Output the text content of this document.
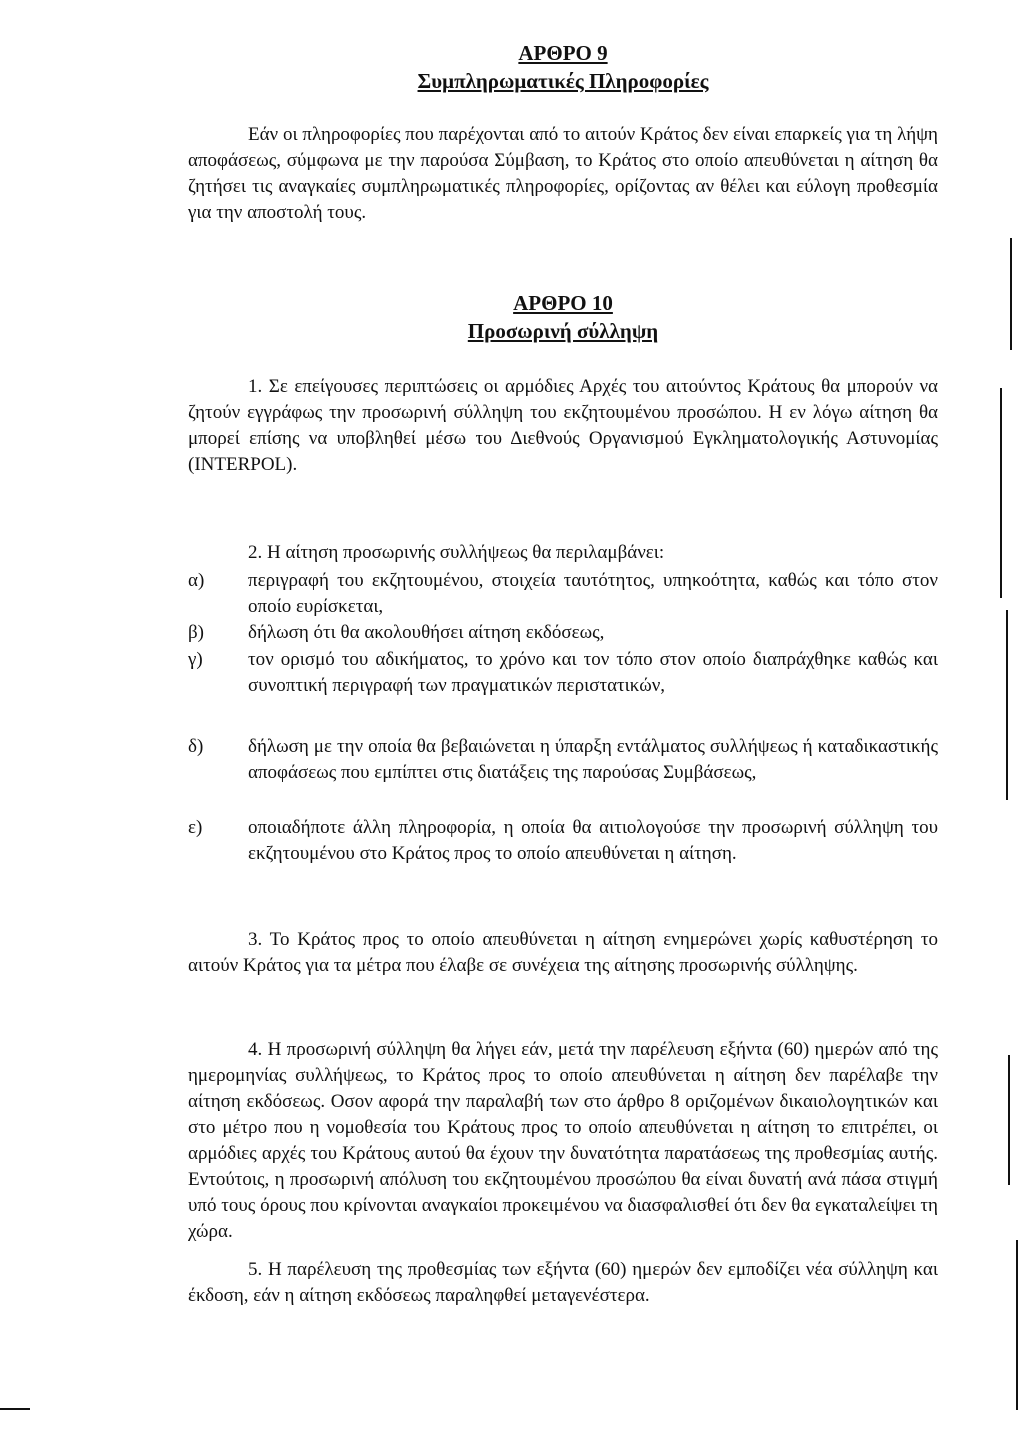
ΑΡΘΡΟ 9
Συμπληρωματικές Πληροφορίες

Εάν οι πληροφορίες που παρέχονται από το αιτούν Κράτος δεν είναι επαρκείς για τη λήψη αποφάσεως, σύμφωνα με την παρούσα Σύμβαση, το Κράτος στο οποίο απευθύνεται η αίτηση θα ζητήσει τις αναγκαίες συμπληρωματικές πληροφορίες, ορίζοντας αν θέλει και εύλογη προθεσμία για την αποστολή τους.

ΑΡΘΡΟ 10
Προσωρινή σύλληψη

1. Σε επείγουσες περιπτώσεις οι αρμόδιες Αρχές του αιτούντος Κράτους θα μπορούν να ζητούν εγγράφως την προσωρινή σύλληψη του εκζητουμένου προσώπου. Η εν λόγω αίτηση θα μπορεί επίσης να υποβληθεί μέσω του Διεθνούς Οργανισμού Εγκληματολογικής Αστυνομίας (INTERPOL).

2. Η αίτηση προσωρινής συλλήψεως θα περιλαμβάνει:

α)	περιγραφή του εκζητουμένου, στοιχεία ταυτότητος, υπηκοότητα, καθώς και τόπο στον οποίο ευρίσκεται,
β)	δήλωση ότι θα ακολουθήσει αίτηση εκδόσεως,
γ)	τον ορισμό του αδικήματος, το χρόνο και τον τόπο στον οποίο διαπράχθηκε καθώς και συνοπτική περιγραφή των πραγματικών περιστατικών,
δ)	δήλωση με την οποία θα βεβαιώνεται η ύπαρξη εντάλματος συλλήψεως ή καταδικαστικής αποφάσεως που εμπίπτει στις διατάξεις της παρούσας Συμβάσεως,
ε)	οποιαδήποτε άλλη πληροφορία, η οποία θα αιτιολογούσε την προσωρινή σύλληψη του εκζητουμένου στο Κράτος προς το οποίο απευθύνεται η αίτηση.

3. Το Κράτος προς το οποίο απευθύνεται η αίτηση ενημερώνει χωρίς καθυστέρηση το αιτούν Κράτος για τα μέτρα που έλαβε σε συνέχεια της αίτησης προσωρινής σύλληψης.

4. Η προσωρινή σύλληψη θα λήγει εάν, μετά την παρέλευση εξήντα (60) ημερών από της ημερομηνίας συλλήψεως, το Κράτος προς το οποίο απευθύνεται η αίτηση δεν παρέλαβε την αίτηση εκδόσεως. Οσον αφορά την παραλαβή των στο άρθρο 8 οριζομένων δικαιολογητικών και στο μέτρο που η νομοθεσία του Κράτους προς το οποίο απευθύνεται η αίτηση το επιτρέπει, οι αρμόδιες αρχές του Κράτους αυτού θα έχουν την δυνατότητα παρατάσεως της προθεσμίας αυτής. Εντούτοις, η προσωρινή απόλυση του εκζητουμένου προσώπου θα είναι δυνατή ανά πάσα στιγμή υπό τους όρους που κρίνονται αναγκαίοι προκειμένου να διασφαλισθεί ότι δεν θα εγκαταλείψει τη χώρα.

5. Η παρέλευση της προθεσμίας των εξήντα (60) ημερών δεν εμποδίζει νέα σύλληψη και έκδοση, εάν η αίτηση εκδόσεως παραληφθεί μεταγενέστερα.
